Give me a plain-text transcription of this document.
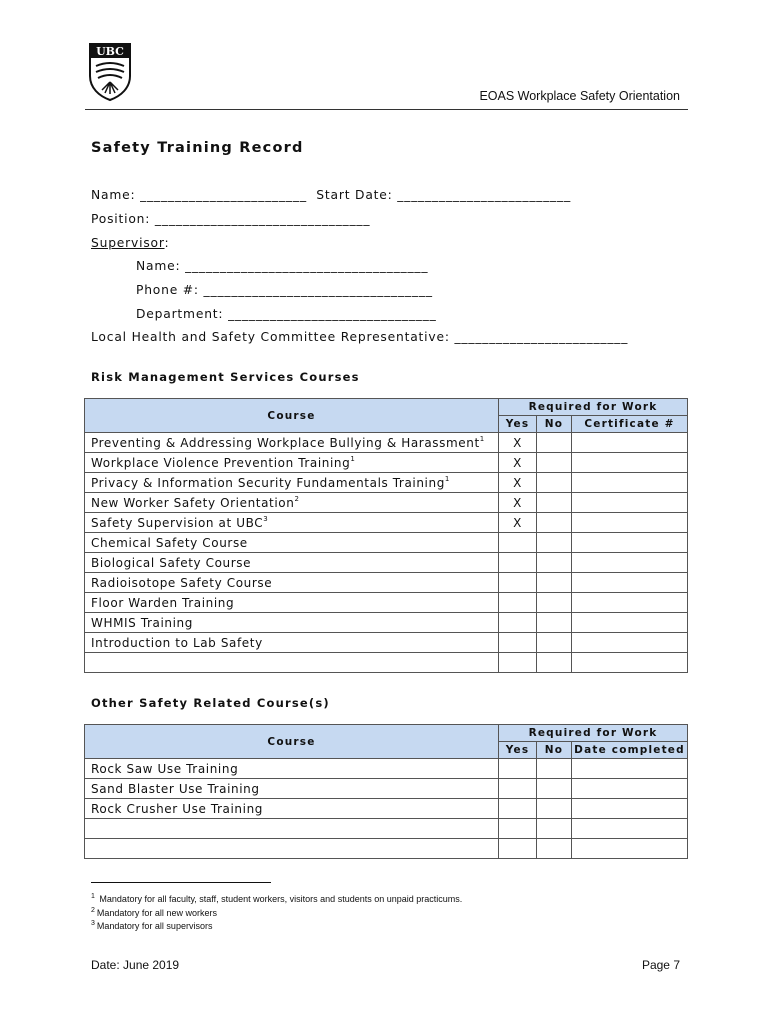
UBC
EOAS Workplace Safety Orientation
Safety Training Record
Name: ________________________  Start Date: _________________________
Position: _______________________________
Supervisor:
Name: ___________________________________
Phone #: _________________________________
Department: ______________________________
Local Health and Safety Committee Representative: _________________________
Risk Management Services Courses
Course	Required for Work		
	Yes	No	Certificate #
Preventing & Addressing Workplace Bullying & Harassment$^1$	X		
Workplace Violence Prevention Training$^1$	X		
Privacy & Information Security Fundamentals Training$^1$	X		
New Worker Safety Orientation$^2$	X		
Safety Supervision at UBC$^3$	X		
Chemical Safety Course			
Biological Safety Course			
Radioisotope Safety Course			
Floor Warden Training			
WHMIS Training			
Introduction to Lab Safety			

Other Safety Related Course(s)
Course	Required for Work		
	Yes	No	Date completed
Rock Saw Use Training			
Sand Blaster Use Training			
Rock Crusher Use Training			

$^1$ Mandatory for all faculty, staff, student workers, visitors and students on unpaid practicums.
$^2$ Mandatory for all new workers
$^3$ Mandatory for all supervisors
Date: June 2019	Page 7
